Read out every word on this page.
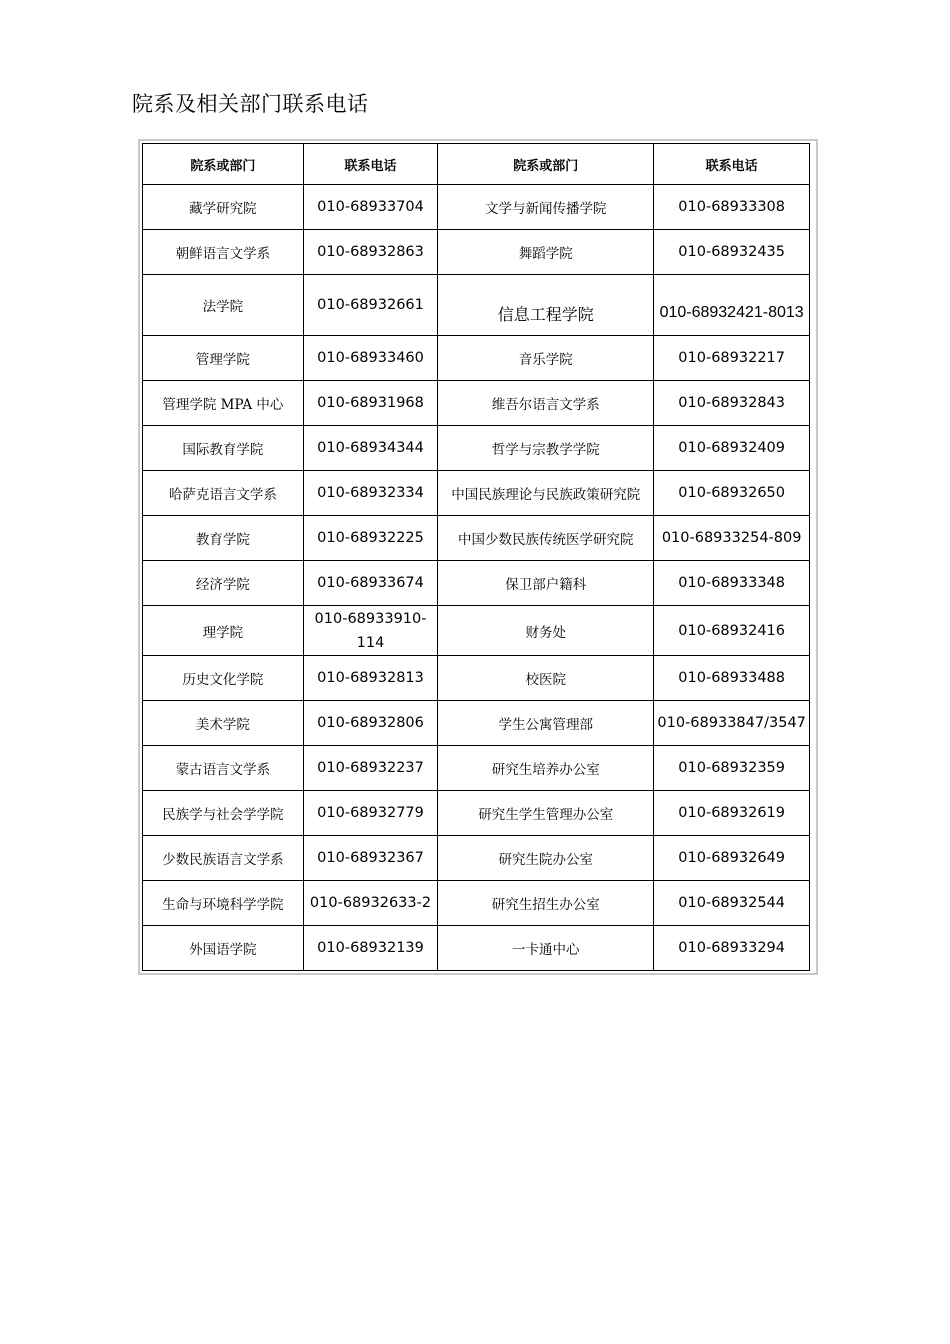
院系及相关部门联系电话
院系或部门	联系电话	院系或部门	联系电话
藏学研究院	010-68933704	文学与新闻传播学院	010-68933308
朝鲜语言文学系	010-68932863	舞蹈学院	010-68932435
法学院	010-68932661	信息工程学院	010-68932421-8013
管理学院	010-68933460	音乐学院	010-68932217
管理学院 MPA 中心	010-68931968	维吾尔语言文学系	010-68932843
国际教育学院	010-68934344	哲学与宗教学学院	010-68932409
哈萨克语言文学系	010-68932334	中国民族理论与民族政策研究院	010-68932650
教育学院	010-68932225	中国少数民族传统医学研究院	010-68933254-809
经济学院	010-68933674	保卫部户籍科	010-68933348
理学院	010-68933910-114	财务处	010-68932416
历史文化学院	010-68932813	校医院	010-68933488
美术学院	010-68932806	学生公寓管理部	010-68933847/3547
蒙古语言文学系	010-68932237	研究生培养办公室	010-68932359
民族学与社会学学院	010-68932779	研究生学生管理办公室	010-68932619
少数民族语言文学系	010-68932367	研究生院办公室	010-68932649
生命与环境科学学院	010-68932633-2	研究生招生办公室	010-68932544
外国语学院	010-68932139	一卡通中心	010-68933294
